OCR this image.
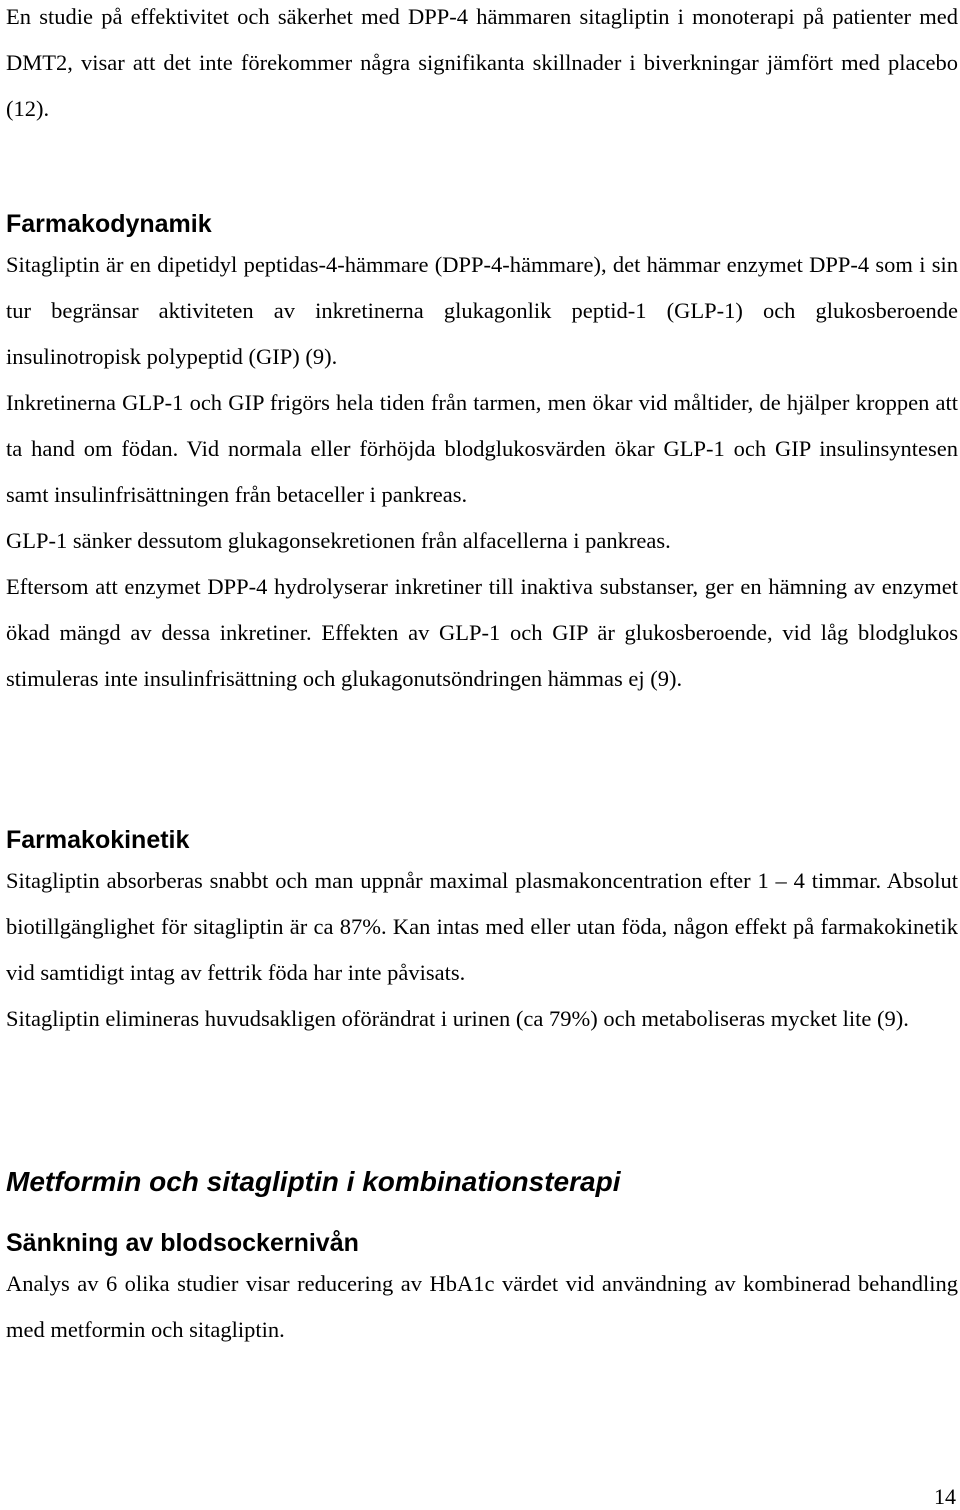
En studie på effektivitet och säkerhet med DPP-4 hämmaren sitagliptin i monoterapi på patienter med DMT2, visar att det inte förekommer några signifikanta skillnader i biverkningar jämfört med placebo (12).

Farmakodynamik

Sitagliptin är en dipetidyl peptidas-4-hämmare (DPP-4-hämmare), det hämmar enzymet DPP-4 som i sin tur begränsar aktiviteten av inkretinerna glukagonlik peptid-1 (GLP-1) och glukosberoende insulinotropisk polypeptid (GIP) (9).

Inkretinerna GLP-1 och GIP frigörs hela tiden från tarmen, men ökar vid måltider, de hjälper kroppen att ta hand om födan. Vid normala eller förhöjda blodglukosvärden ökar GLP-1 och GIP insulinsyntesen samt insulinfrisättningen från betaceller i pankreas.

GLP-1 sänker dessutom glukagonsekretionen från alfacellerna i pankreas.

Eftersom att enzymet DPP-4 hydrolyserar inkretiner till inaktiva substanser, ger en hämning av enzymet ökad mängd av dessa inkretiner. Effekten av GLP-1 och GIP är glukosberoende, vid låg blodglukos stimuleras inte insulinfrisättning och glukagonutsöndringen hämmas ej (9).

Farmakokinetik

Sitagliptin absorberas snabbt och man uppnår maximal plasmakoncentration efter 1 – 4 timmar. Absolut biotillgänglighet för sitagliptin är ca 87%. Kan intas med eller utan föda, någon effekt på farmakokinetik vid samtidigt intag av fettrik föda har inte påvisats.

Sitagliptin elimineras huvudsakligen oförändrat i urinen (ca 79%) och metaboliseras mycket lite (9).

Metformin och sitagliptin i kombinationsterapi
Sänkning av blodsockernivån

Analys av 6 olika studier visar reducering av HbA1c värdet vid användning av kombinerad behandling med metformin och sitagliptin.

14
